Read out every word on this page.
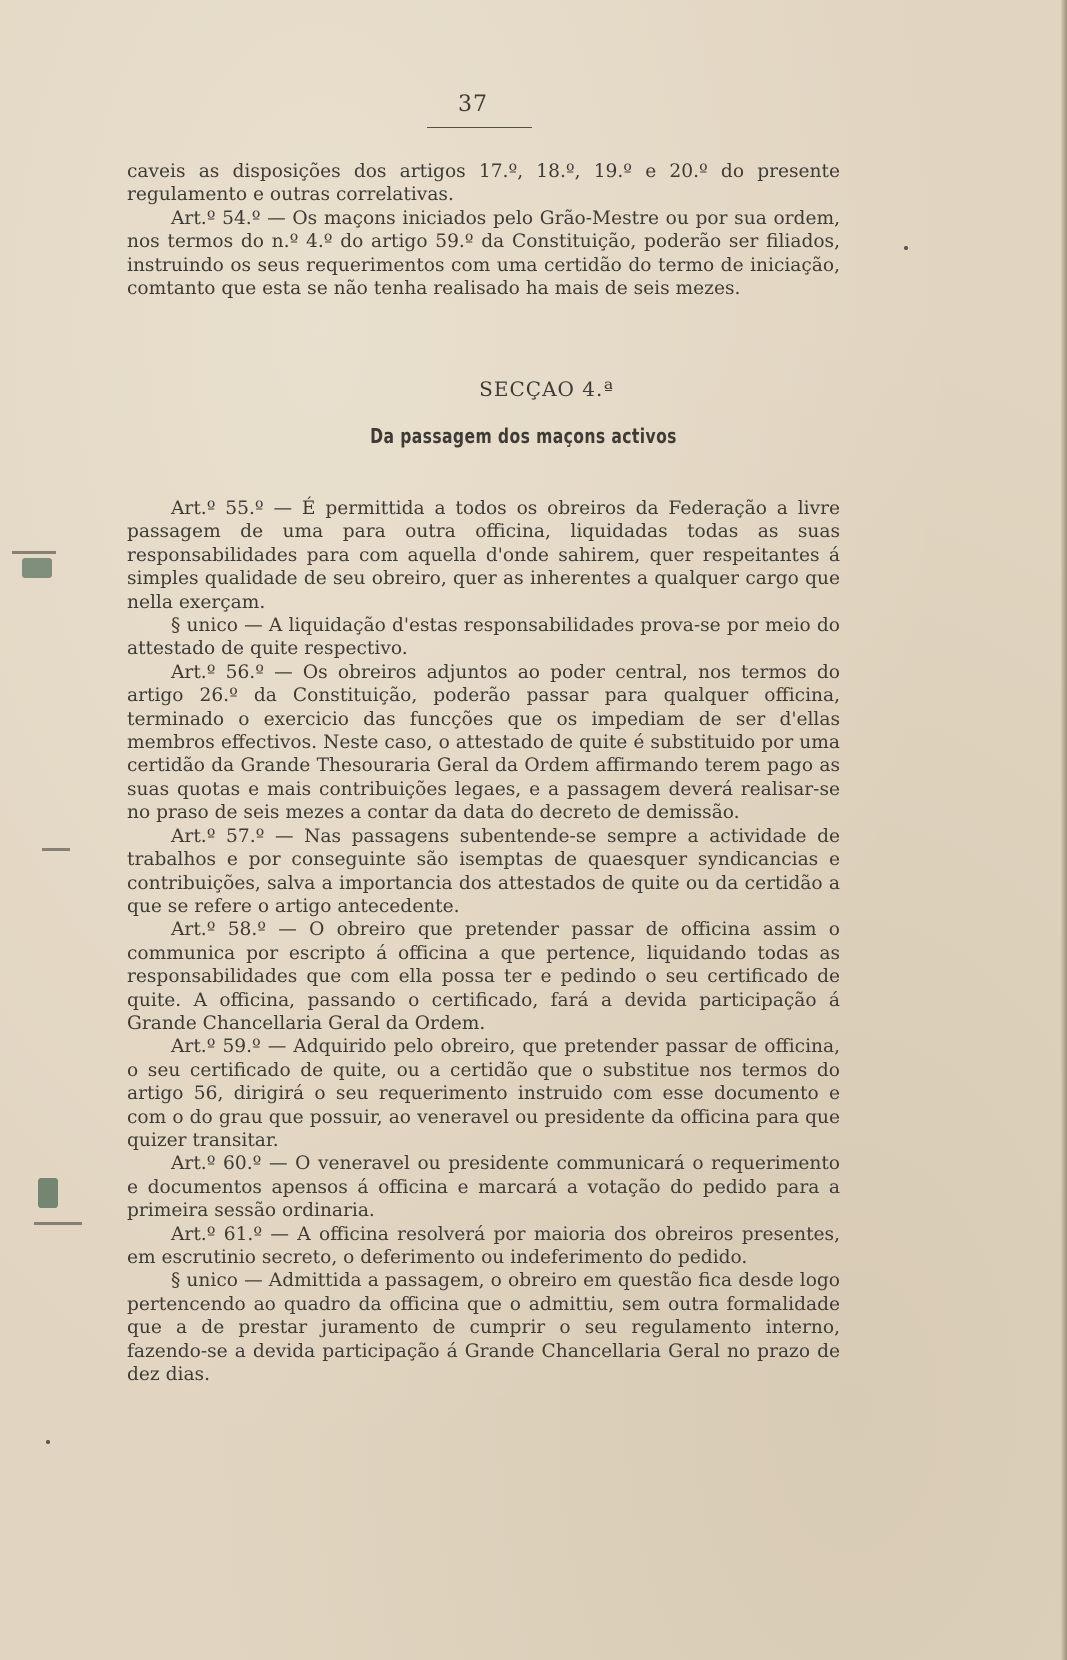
37

caveis as disposições dos artigos 17.º, 18.º, 19.º e 20.º do presente regulamento e outras correlativas.

Art.º 54.º — Os maçons iniciados pelo Grão-Mestre ou por sua ordem, nos termos do n.º 4.º do artigo 59.º da Constituição, poderão ser filiados, instruindo os seus requerimentos com uma certidão do termo de iniciação, comtanto que esta se não tenha realisado ha mais de seis mezes.

SECÇAO 4.ª
Da passagem dos maçons activos

Art.º 55.º — É permittida a todos os obreiros da Federação a livre passagem de uma para outra officina, liquidadas todas as suas responsabilidades para com aquella d'onde sahirem, quer respeitantes á simples qualidade de seu obreiro, quer as inherentes a qualquer cargo que nella exerçam.

§ unico — A liquidação d'estas responsabilidades prova-se por meio do attestado de quite respectivo.

Art.º 56.º — Os obreiros adjuntos ao poder central, nos termos do artigo 26.º da Constituição, poderão passar para qualquer officina, terminado o exercicio das funcções que os impediam de ser d'ellas membros effectivos. Neste caso, o attestado de quite é substituido por uma certidão da Grande Thesouraria Geral da Ordem affirmando terem pago as suas quotas e mais contribuições legaes, e a passagem deverá realisar-se no praso de seis mezes a contar da data do decreto de demissão.

Art.º 57.º — Nas passagens subentende-se sempre a actividade de trabalhos e por conseguinte são isemptas de quaesquer syndicancias e contribuições, salva a importancia dos attestados de quite ou da certidão a que se refere o artigo antecedente.

Art.º 58.º — O obreiro que pretender passar de officina assim o communica por escripto á officina a que pertence, liquidando todas as responsabilidades que com ella possa ter e pedindo o seu certificado de quite. A officina, passando o certificado, fará a devida participação á Grande Chancellaria Geral da Ordem.

Art.º 59.º — Adquirido pelo obreiro, que pretender passar de officina, o seu certificado de quite, ou a certidão que o substitue nos termos do artigo 56, dirigirá o seu requerimento instruido com esse documento e com o do grau que possuir, ao veneravel ou presidente da officina para que quizer transitar.

Art.º 60.º — O veneravel ou presidente communicará o requerimento e documentos apensos á officina e marcará a votação do pedido para a primeira sessão ordinaria.

Art.º 61.º — A officina resolverá por maioria dos obreiros presentes, em escrutinio secreto, o deferimento ou indeferimento do pedido.

§ unico — Admittida a passagem, o obreiro em questão fica desde logo pertencendo ao quadro da officina que o admittiu, sem outra formalidade que a de prestar juramento de cumprir o seu regulamento interno, fazendo-se a devida participação á Grande Chancellaria Geral no prazo de dez dias.
